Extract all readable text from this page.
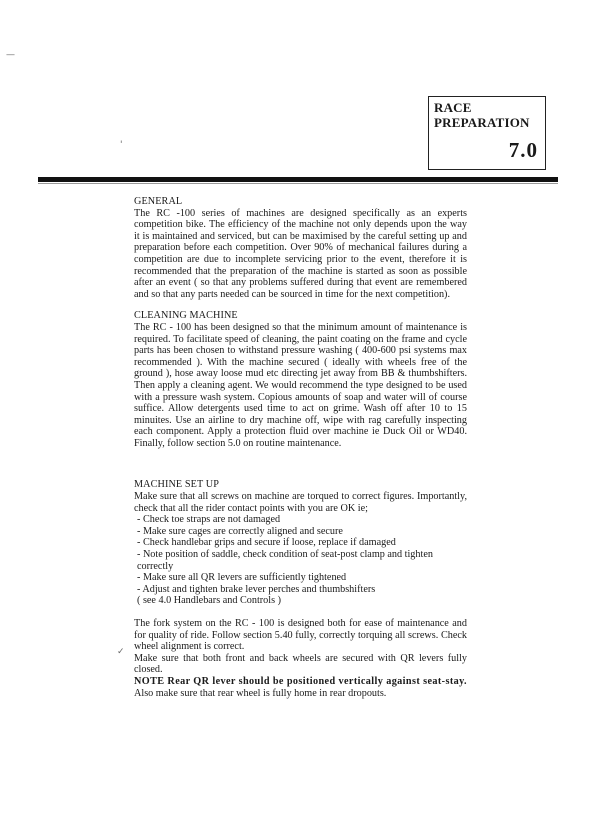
RACE
PREPARATION
7.0
—
'
✓
GENERAL

The RC -100 series of machines are designed specifically as an experts competition bike. The efficiency of the machine not only depends upon the way it is maintained and serviced, but can be maximised by the careful setting up and preparation before each competition. Over 90% of mechanical failures during a competition are due to incomplete servicing prior to the event, therefore it is recommended that the preparation of the machine is started as soon as possible after an event ( so that any problems suffered during that event are remembered and so that any parts needed can be sourced in time for the next competition).

CLEANING MACHINE

The RC - 100 has been designed so that the minimum amount of maintenance is required. To facilitate speed of cleaning, the paint coating on the frame and cycle parts has been chosen to withstand pressure washing ( 400-600 psi systems max recommended ). With the machine secured ( ideally with wheels free of the ground ), hose away loose mud etc directing jet away from BB & thumbshifters. Then apply a cleaning agent. We would recommend the type designed to be used with a pressure wash system. Copious amounts of soap and water will of course suffice. Allow detergents used time to act on grime. Wash off after 10 to 15 minuites. Use an airline to dry machine off, wipe with rag carefully inspecting each component. Apply a protection fluid over machine ie Duck Oil or WD40. Finally, follow section 5.0 on routine maintenance.

MACHINE SET UP

Make sure that all screws on machine are torqued to correct figures. Importantly, check that all the rider contact points with you are OK ie;

- Check toe straps are not damaged
- Make sure cages are correctly aligned and secure
- Check handlebar grips and secure if loose, replace if damaged
- Note position of saddle, check condition of seat-post clamp and tighten correctly
- Make sure all QR levers are sufficiently tightened
- Adjust and tighten brake lever perches and thumbshifters
( see 4.0 Handlebars and Controls )

The fork system on the RC - 100 is designed both for ease of maintenance and for quality of ride. Follow section 5.40 fully, correctly torquing all screws. Check wheel alignment is correct.

Make sure that both front and back wheels are secured with QR levers fully closed.

NOTE Rear QR lever should be positioned vertically against seat-stay. Also make sure that rear wheel is fully home in rear dropouts.
